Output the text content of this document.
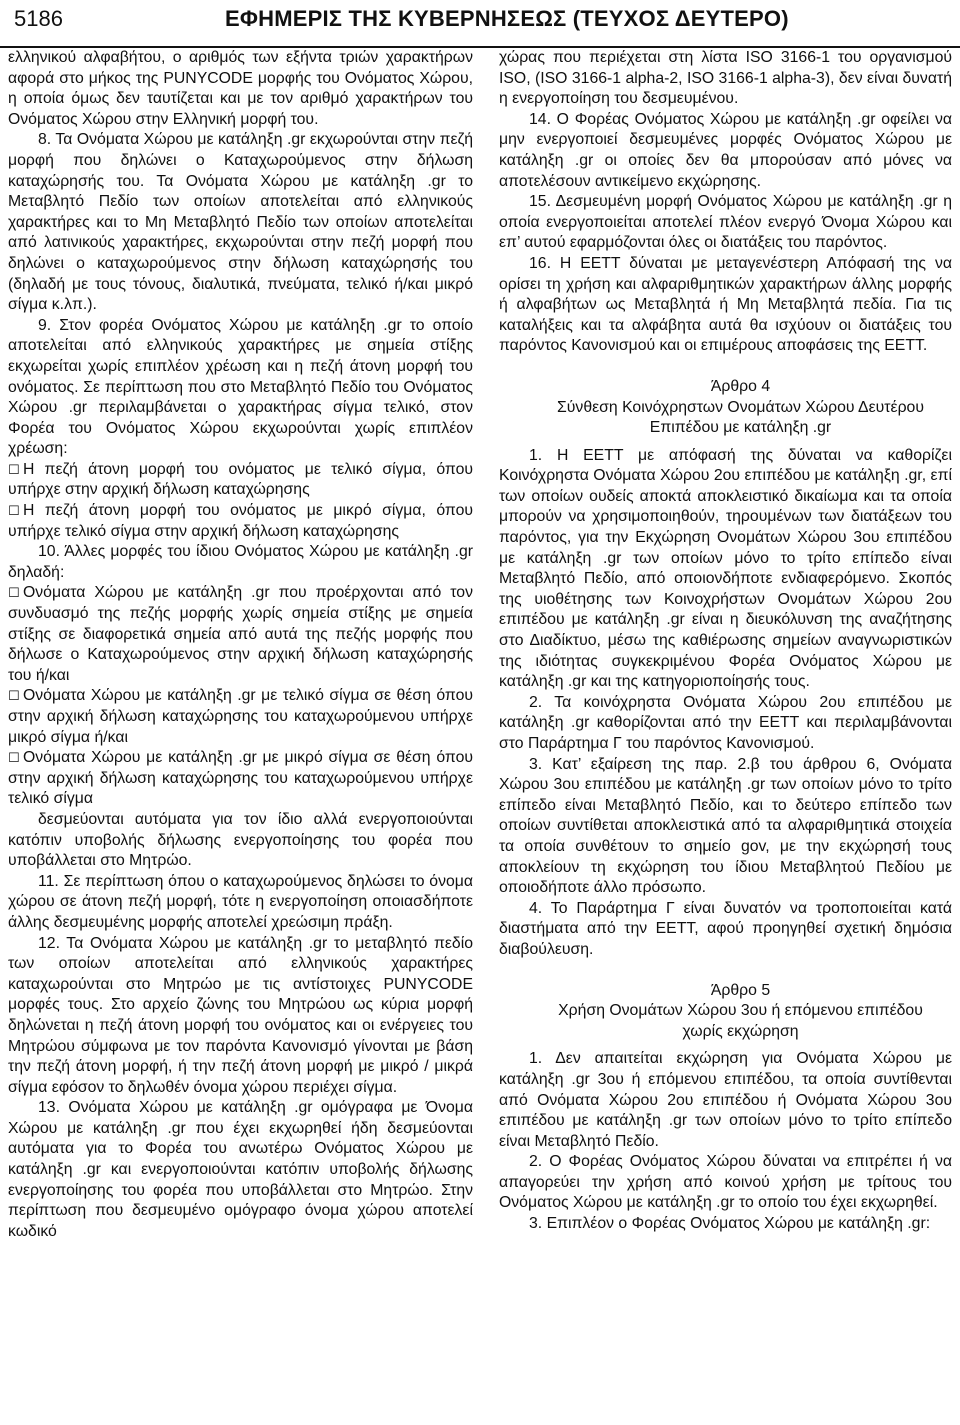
5186	ΕΦΗΜΕΡΙΣ ΤΗΣ ΚΥΒΕΡΝΗΣΕΩΣ (ΤΕΥΧΟΣ ΔΕΥΤΕΡΟ)

ελληνικού αλφαβήτου, ο αριθμός των εξήντα τριών χαρακτήρων αφορά στο μήκος της PUNYCODE μορφής του Ονόματος Χώρου, η οποία όμως δεν ταυτίζεται και με τον αριθμό χαρακτήρων του Ονόματος Χώρου στην Ελληνική μορφή του.

8. Τα Ονόματα Χώρου με κατάληξη .gr εκχωρούνται στην πεζή μορφή που δηλώνει ο Καταχωρούμενος στην δήλωση καταχώρησής του. Τα Ονόματα Χώρου με κατάληξη .gr το Μεταβλητό Πεδίο των οποίων αποτελείται από ελληνικούς χαρακτήρες και το Μη Μεταβλητό Πεδίο των οποίων αποτελείται από λατινικούς χαρακτήρες, εκχωρούνται στην πεζή μορφή που δηλώνει ο καταχωρούμενος στην δήλωση καταχώρησής του (δηλαδή με τους τόνους, διαλυτικά, πνεύματα, τελικό ή/και μικρό σίγμα κ.λπ.).

9. Στον φορέα Ονόματος Χώρου με κατάληξη .gr το οποίο αποτελείται από ελληνικούς χαρακτήρες με σημεία στίξης εκχωρείται χωρίς επιπλέον χρέωση και η πεζή άτονη μορφή του ονόματος. Σε περίπτωση που στο Μεταβλητό Πεδίο του Ονόματος Χώρου .gr περιλαμβάνεται ο χαρακτήρας σίγμα τελικό, στον Φορέα του Ονόματος Χώρου εκχωρούνται χωρίς επιπλέον χρέωση:

☐ Η πεζή άτονη μορφή του ονόματος με τελικό σίγμα, όπου υπήρχε στην αρχική δήλωση καταχώρησης

☐ Η πεζή άτονη μορφή του ονόματος με μικρό σίγμα, όπου υπήρχε τελικό σίγμα στην αρχική δήλωση καταχώρησης

10. Άλλες μορφές του ίδιου Ονόματος Χώρου με κατάληξη .gr δηλαδή:

☐ Ονόματα Χώρου με κατάληξη .gr που προέρχονται από τον συνδυασμό της πεζής μορφής χωρίς σημεία στίξης με σημεία στίξης σε διαφορετικά σημεία από αυτά της πεζής μορφής που δήλωσε ο Καταχωρούμενος στην αρχική δήλωση καταχώρησής του ή/και

☐ Ονόματα Χώρου με κατάληξη .gr με τελικό σίγμα σε θέση όπου στην αρχική δήλωση καταχώρησης του καταχωρούμενου υπήρχε μικρό σίγμα ή/και

☐ Ονόματα Χώρου με κατάληξη .gr με μικρό σίγμα σε θέση όπου στην αρχική δήλωση καταχώρησης του καταχωρούμενου υπήρχε τελικό σίγμα

δεσμεύονται αυτόματα για τον ίδιο αλλά ενεργοποιούνται κατόπιν υποβολής δήλωσης ενεργοποίησης του φορέα που υποβάλλεται στο Μητρώο.

11. Σε περίπτωση όπου ο καταχωρούμενος δηλώσει το όνομα χώρου σε άτονη πεζή μορφή, τότε η ενεργοποίηση οποιασδήποτε άλλης δεσμευμένης μορφής αποτελεί χρεώσιμη πράξη.

12. Τα Ονόματα Χώρου με κατάληξη .gr το μεταβλητό πεδίο των οποίων αποτελείται από ελληνικούς χαρακτήρες καταχωρούνται στο Μητρώο με τις αντίστοιχες PUNYCODE μορφές τους. Στο αρχείο ζώνης του Μητρώου ως κύρια μορφή δηλώνεται η πεζή άτονη μορφή του ονόματος και οι ενέργειες του Μητρώου σύμφωνα με τον παρόντα Κανονισμό γίνονται με βάση την πεζή άτονη μορφή, ή την πεζή άτονη μορφή με μικρό / μικρά σίγμα εφόσον το δηλωθέν όνομα χώρου περιέχει σίγμα.

13. Ονόματα Χώρου με κατάληξη .gr ομόγραφα με Όνομα Χώρου με κατάληξη .gr που έχει εκχωρηθεί ήδη δεσμεύονται αυτόματα για το Φορέα του ανωτέρω Ονόματος Χώρου με κατάληξη .gr και ενεργοποιούνται κατόπιν υποβολής δήλωσης ενεργοποίησης του φορέα που υποβάλλεται στο Μητρώο. Στην περίπτωση που δεσμευμένο ομόγραφο όνομα χώρου αποτελεί κωδικό

χώρας που περιέχεται στη λίστα ISO 3166-1 του οργανισμού ISO, (ISO 3166-1 alpha-2, ISO 3166-1 alpha-3), δεν είναι δυνατή η ενεργοποίηση του δεσμευμένου.

14. Ο Φορέας Ονόματος Χώρου με κατάληξη .gr οφείλει να μην ενεργοποιεί δεσμευμένες μορφές Ονόματος Χώρου με κατάληξη .gr οι οποίες δεν θα μπορούσαν από μόνες να αποτελέσουν αντικείμενο εκχώρησης.

15. Δεσμευμένη μορφή Ονόματος Χώρου με κατάληξη .gr η οποία ενεργοποιείται αποτελεί πλέον ενεργό Όνομα Χώρου και επ’ αυτού εφαρμόζονται όλες οι διατάξεις του παρόντος.

16. Η ΕΕΤΤ δύναται με μεταγενέστερη Απόφασή της να ορίσει τη χρήση και αλφαριθμητικών χαρακτήρων άλλης μορφής ή αλφαβήτων ως Μεταβλητά ή Μη Μεταβλητά πεδία. Για τις καταλήξεις και τα αλφάβητα αυτά θα ισχύουν οι διατάξεις του παρόντος Κανονισμού και οι επιμέρους αποφάσεις της ΕΕΤΤ.

Άρθρο 4

Σύνθεση Κοινόχρηστων Ονομάτων Χώρου Δευτέρου

Επιπέδου με κατάληξη .gr

1. Η ΕΕΤΤ με απόφασή της δύναται να καθορίζει Κοινόχρηστα Ονόματα Χώρου 2ου επιπέδου με κατάληξη .gr, επί των οποίων ουδείς αποκτά αποκλειστικό δικαίωμα και τα οποία μπορούν να χρησιμοποιηθούν, τηρουμένων των διατάξεων του παρόντος, για την Εκχώρηση Ονομάτων Χώρου 3ου επιπέδου με κατάληξη .gr των οποίων μόνο το τρίτο επίπεδο είναι Μεταβλητό Πεδίο, από οποιονδήποτε ενδιαφερόμενο. Σκοπός της υιοθέτησης των Κοινοχρήστων Ονομάτων Χώρου 2ου επιπέδου με κατάληξη .gr είναι η διευκόλυνση της αναζήτησης στο Διαδίκτυο, μέσω της καθιέρωσης σημείων αναγνωριστικών της ιδιότητας συγκεκριμένου Φορέα Ονόματος Χώρου με κατάληξη .gr και της κατηγοριοποίησής τους.

2. Τα κοινόχρηστα Ονόματα Χώρου 2ου επιπέδου με κατάληξη .gr καθορίζονται από την ΕΕΤΤ και περιλαμβάνονται στο Παράρτημα Γ του παρόντος Κανονισμού.

3. Κατ’ εξαίρεση της παρ. 2.β του άρθρου 6, Ονόματα Χώρου 3ου επιπέδου με κατάληξη .gr των οποίων μόνο το τρίτο επίπεδο είναι Μεταβλητό Πεδίο, και το δεύτερο επίπεδο των οποίων συντίθεται αποκλειστικά από τα αλφαριθμητικά στοιχεία τα οποία συνθέτουν το σημείο gov, με την εκχώρησή τους αποκλείουν τη εκχώρηση του ίδιου Μεταβλητού Πεδίου με οποιοδήποτε άλλο πρόσωπο.

4. Το Παράρτημα Γ είναι δυνατόν να τροποποιείται κατά διαστήματα από την ΕΕΤΤ, αφού προηγηθεί σχετική δημόσια διαβούλευση.

Άρθρο 5

Χρήση Ονομάτων Χώρου 3ου ή επόμενου επιπέδου

χωρίς εκχώρηση

1. Δεν απαιτείται εκχώρηση για Ονόματα Χώρου με κατάληξη .gr 3ου ή επόμενου επιπέδου, τα οποία συντίθενται από Ονόματα Χώρου 2ου επιπέδου ή Ονόματα Χώρου 3ου επιπέδου με κατάληξη .gr των οποίων μόνο το τρίτο επίπεδο είναι Μεταβλητό Πεδίο.

2. Ο Φορέας Ονόματος Χώρου δύναται να επιτρέπει ή να απαγορεύει την χρήση από κοινού χρήση με τρίτους του Ονόματος Χώρου με κατάληξη .gr το οποίο του έχει εκχωρηθεί.

3. Επιπλέον ο Φορέας Ονόματος Χώρου με κατάληξη .gr:
